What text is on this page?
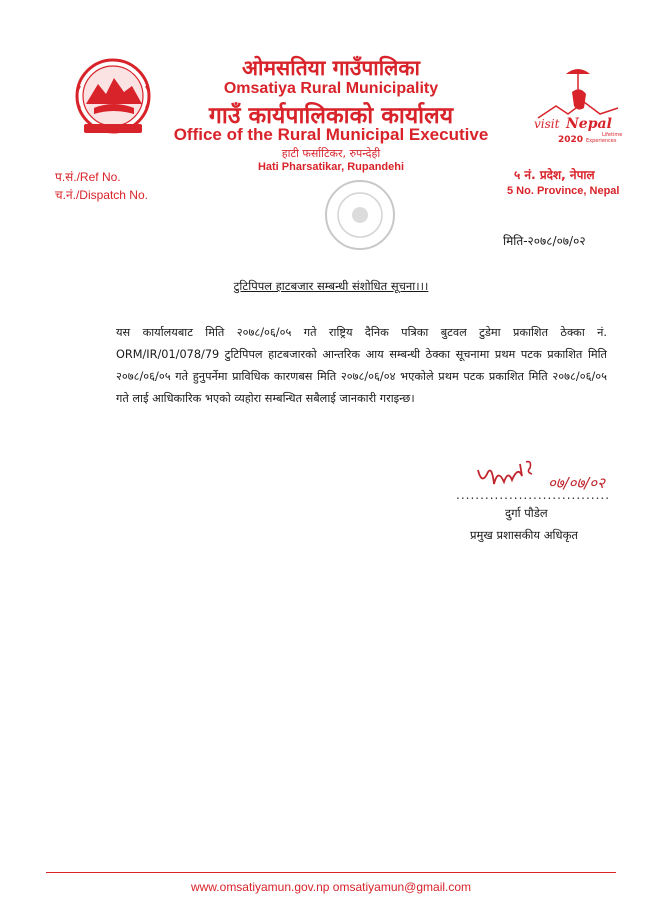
visit Nepal
2020	Lifetime
Experiences
ओमसतिया गाउँपालिका
Omsatiya Rural Municipality
गाउँ कार्यपालिकाको कार्यालय
Office of the Rural Municipal Executive
हाटी फर्साटिकर, रुपन्देही
Hati Pharsatikar, Rupandehi
प.सं./Ref No.
च.नं./Dispatch No.
५ नं. प्रदेश, नेपाल
5 No. Province, Nepal
मिति-२०७८/०७/०२
टुटिपिपल हाटबजार सम्बन्धी संशोधित सूचना।।।
यस कार्यालयबाट मिति २०७८/०६/०५ गते राष्ट्रिय दैनिक पत्रिका बुटवल टुडेमा प्रकाशित ठेक्का नं. ORM/IR/01/078/79 टुटिपिपल हाटबजारको आन्तरिक आय सम्बन्धी ठेक्का सूचनामा प्रथम पटक प्रकाशित मिति २०७८/०६/०५ गते हुनुपर्नेमा प्राविधिक कारणबस मिति २०७८/०६/०४ भएकोले प्रथम पटक प्रकाशित मिति २०७८/०६/०५ गते लाई आधिकारिक भएको व्यहोरा सम्बन्धित सबैलाई जानकारी गराइन्छ।
०७/०७/०२
................................
दुर्गा पौडेल
प्रमुख प्रशासकीय अधिकृत
www.omsatiyamun.gov.np omsatiyamun@gmail.com
